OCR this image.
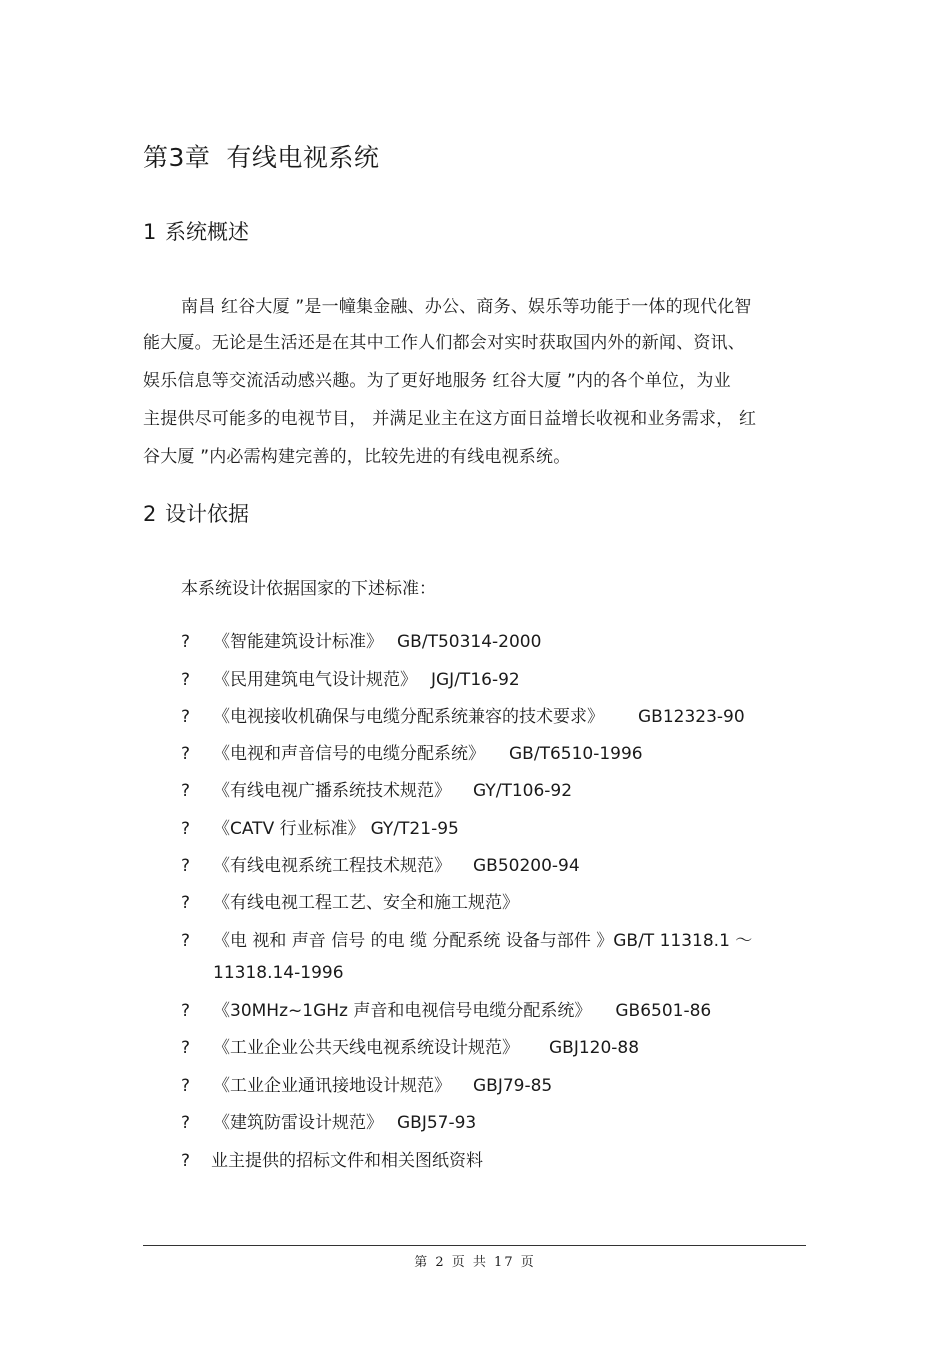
第3章 有线电视系统
1 系统概述
南昌 红谷大厦 ”是一幢集金融、办公、商务、娱乐等功能于一体的现代化智
能大厦。无论是生活还是在其中工作人们都会对实时获取国内外的新闻、资讯、
娱乐信息等交流活动感兴趣。为了更好地服务 红谷大厦 ”内的各个单位，为业
主提供尽可能多的电视节目， 并满足业主在这方面日益增长收视和业务需求， 红
谷大厦 ”内必需构建完善的，比较先进的有线电视系统。
2 设计依据
本系统设计依据国家的下述标准：
? 《智能建筑设计标准》 GB/T50314-2000
? 《民用建筑电气设计规范》 JGJ/T16-92
? 《电视接收机确保与电缆分配系统兼容的技术要求》 GB12323-90
? 《电视和声音信号的电缆分配系统》 GB/T6510-1996
? 《有线电视广播系统技术规范》 GY/T106-92
? 《CATV 行业标准》 GY/T21-95
? 《有线电视系统工程技术规范》 GB50200-94
? 《有线电视工程工艺、安全和施工规范》
? 《电 视和 声音 信号 的电 缆 分配系统 设备与部件 》GB/T 11318.1 ～
11318.14-1996
? 《30MHz~1GHz 声音和电视信号电缆分配系统》 GB6501-86
? 《工业企业公共天线电视系统设计规范》 GBJ120-88
? 《工业企业通讯接地设计规范》 GBJ79-85
? 《建筑防雷设计规范》 GBJ57-93
? 业主提供的招标文件和相关图纸资料
第 2 页 共 17 页
